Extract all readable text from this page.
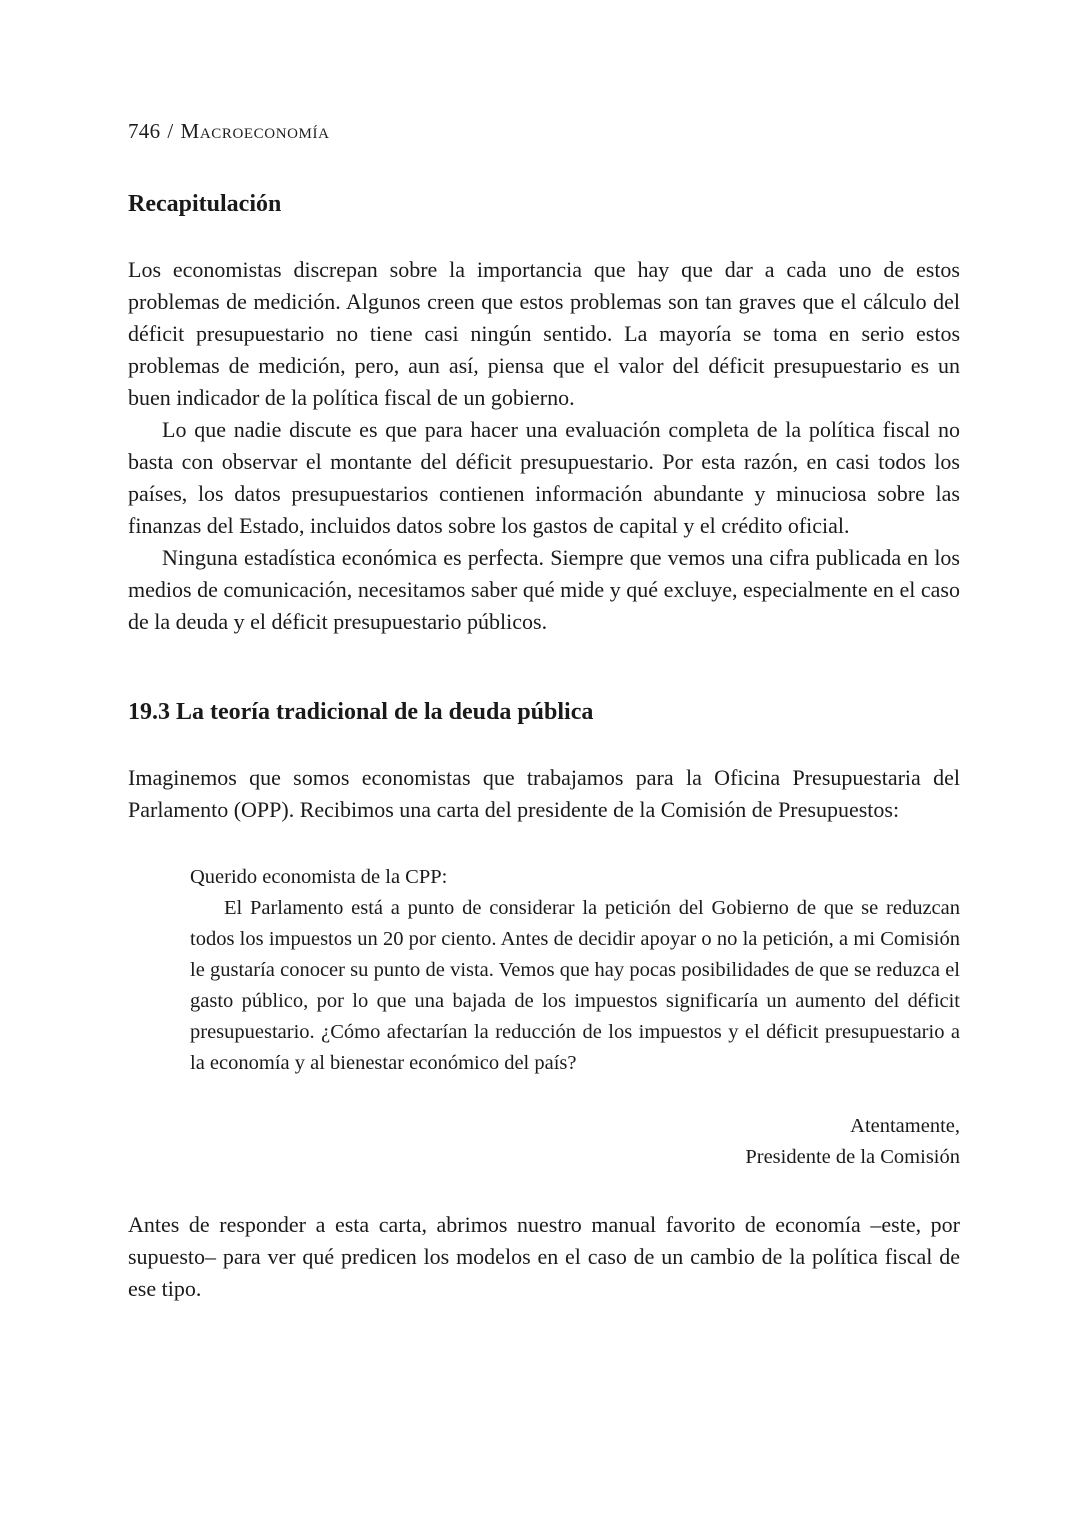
746 / Macroeconomía
Recapitulación

Los economistas discrepan sobre la importancia que hay que dar a cada uno de estos problemas de medición. Algunos creen que estos problemas son tan graves que el cálculo del déficit presupuestario no tiene casi ningún sentido. La mayoría se toma en serio estos problemas de medición, pero, aun así, piensa que el valor del déficit presupuestario es un buen indicador de la política fiscal de un gobierno.

Lo que nadie discute es que para hacer una evaluación completa de la política fiscal no basta con observar el montante del déficit presupuestario. Por esta razón, en casi todos los países, los datos presupuestarios contienen información abundante y minuciosa sobre las finanzas del Estado, incluidos datos sobre los gastos de capital y el crédito oficial.

Ninguna estadística económica es perfecta. Siempre que vemos una cifra publicada en los medios de comunicación, necesitamos saber qué mide y qué excluye, especialmente en el caso de la deuda y el déficit presupuestario públicos.

19.3 La teoría tradicional de la deuda pública

Imaginemos que somos economistas que trabajamos para la Oficina Presupuestaria del Parlamento (OPP). Recibimos una carta del presidente de la Comisión de Presupuestos:

Querido economista de la CPP:

El Parlamento está a punto de considerar la petición del Gobierno de que se reduzcan todos los impuestos un 20 por ciento. Antes de decidir apoyar o no la petición, a mi Comisión le gustaría conocer su punto de vista. Vemos que hay pocas posibilidades de que se reduzca el gasto público, por lo que una bajada de los impuestos significaría un aumento del déficit presupuestario. ¿Cómo afectarían la reducción de los impuestos y el déficit presupuestario a la economía y al bienestar económico del país?

Atentamente,

Presidente de la Comisión

Antes de responder a esta carta, abrimos nuestro manual favorito de economía –este, por supuesto– para ver qué predicen los modelos en el caso de un cambio de la política fiscal de ese tipo.
